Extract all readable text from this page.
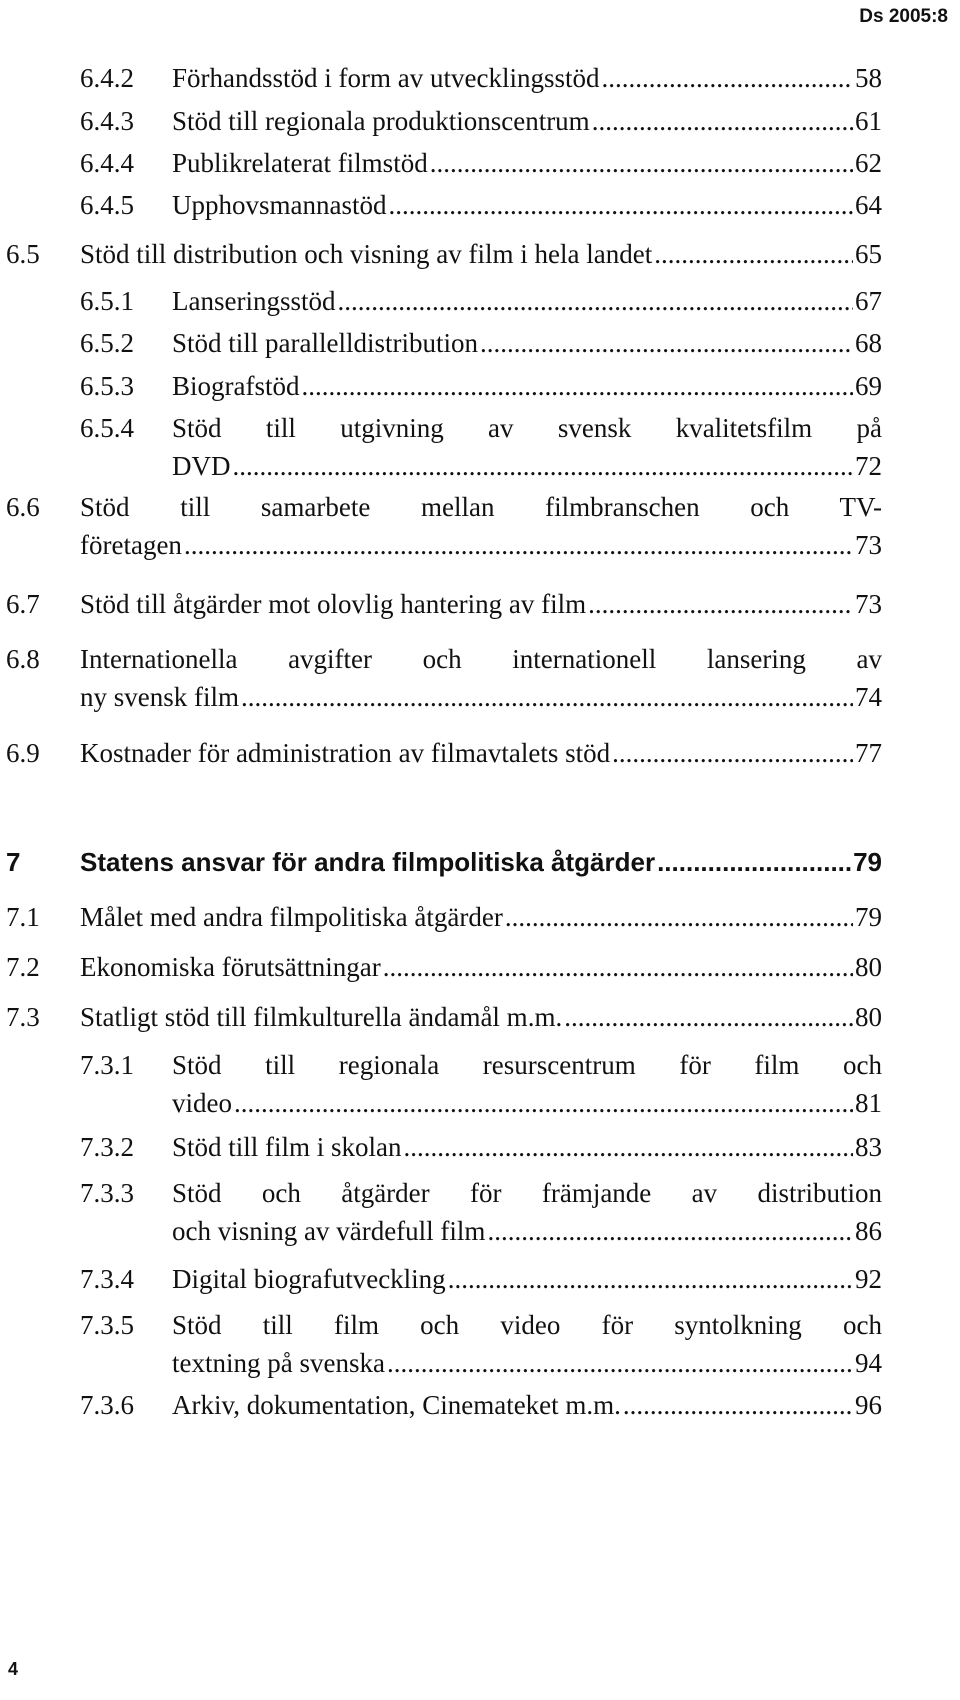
Ds 2005:8
6.4.2 Förhandsstöd i form av utvecklingsstöd .....	58
6.4.3 Stöd till regionala produktionscentrum .....	61
6.4.4 Publikrelaterat filmstöd .....	62
6.4.5 Upphovsmannastöd .....	64
6.5 Stöd till distribution och visning av film i hela landet .....	65
6.5.1 Lanseringsstöd .....	67
6.5.2 Stöd till parallelldistribution .....	68
6.5.3 Biografstöd .....	69
6.5.4 Stöd till utgivning av svensk kvalitetsfilm på
DVD .....	72
6.6 Stöd till samarbete mellan filmbranschen och TV-
företagen .....	73
6.7 Stöd till åtgärder mot olovlig hantering av film .....	73
6.8 Internationella avgifter och internationell lansering av
ny svensk film .....	74
6.9 Kostnader för administration av filmavtalets stöd .....	77
7 Statens ansvar för andra filmpolitiska åtgärder .....	79
7.1 Målet med andra filmpolitiska åtgärder .....	79
7.2 Ekonomiska förutsättningar .....	80
7.3 Statligt stöd till filmkulturella ändamål m.m. .....	80
7.3.1 Stöd till regionala resurscentrum för film och
video .....	81
7.3.2 Stöd till film i skolan .....	83
7.3.3 Stöd och åtgärder för främjande av distribution
och visning av värdefull film .....	86
7.3.4 Digital biografutveckling .....	92
7.3.5 Stöd till film och video för syntolkning och
textning på svenska .....	94
7.3.6 Arkiv, dokumentation, Cinemateket m.m. .....	96
4
